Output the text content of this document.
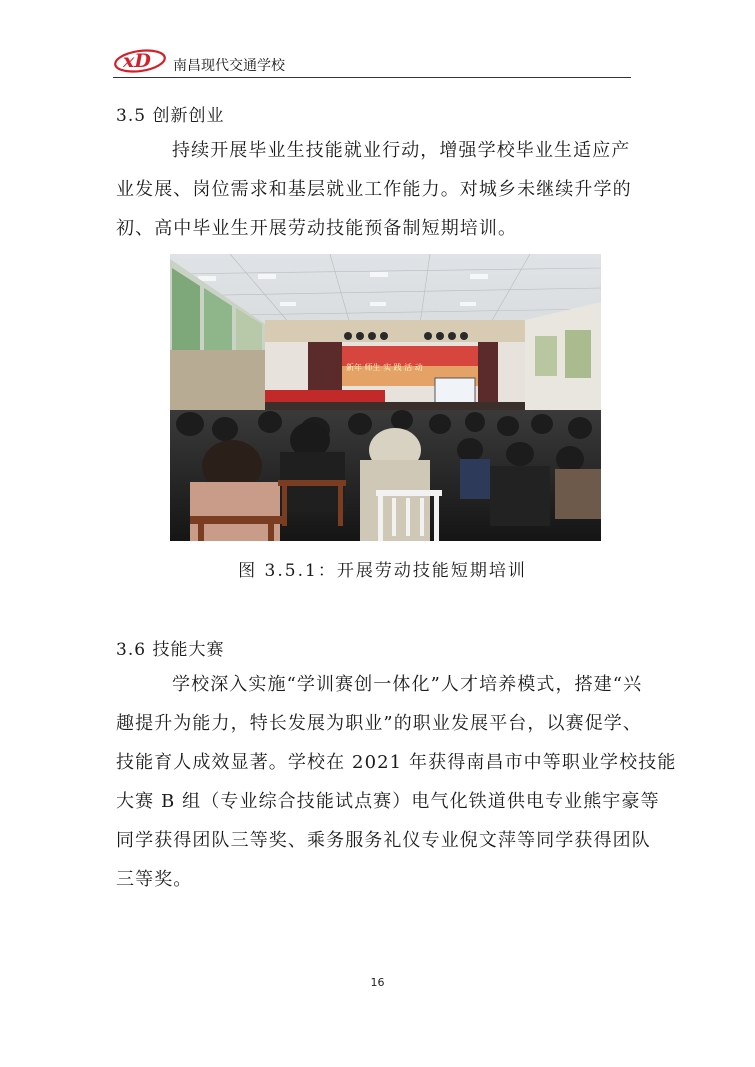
xD 南昌现代交通学校
3.5 创新创业
持续开展毕业生技能就业行动，增强学校毕业生适应产
业发展、岗位需求和基层就业工作能力。对城乡未继续升学的
初、高中毕业生开展劳动技能预备制短期培训。
新年 师生 实 践 活 动
图 3.5.1：开展劳动技能短期培训
3.6 技能大赛
学校深入实施“学训赛创一体化”人才培养模式，搭建“兴
趣提升为能力，特长发展为职业”的职业发展平台，以赛促学、
技能育人成效显著。学校在 2021 年获得南昌市中等职业学校技能
大赛 B 组（专业综合技能试点赛）电气化铁道供电专业熊宇豪等
同学获得团队三等奖、乘务服务礼仪专业倪文萍等同学获得团队
三等奖。
16
